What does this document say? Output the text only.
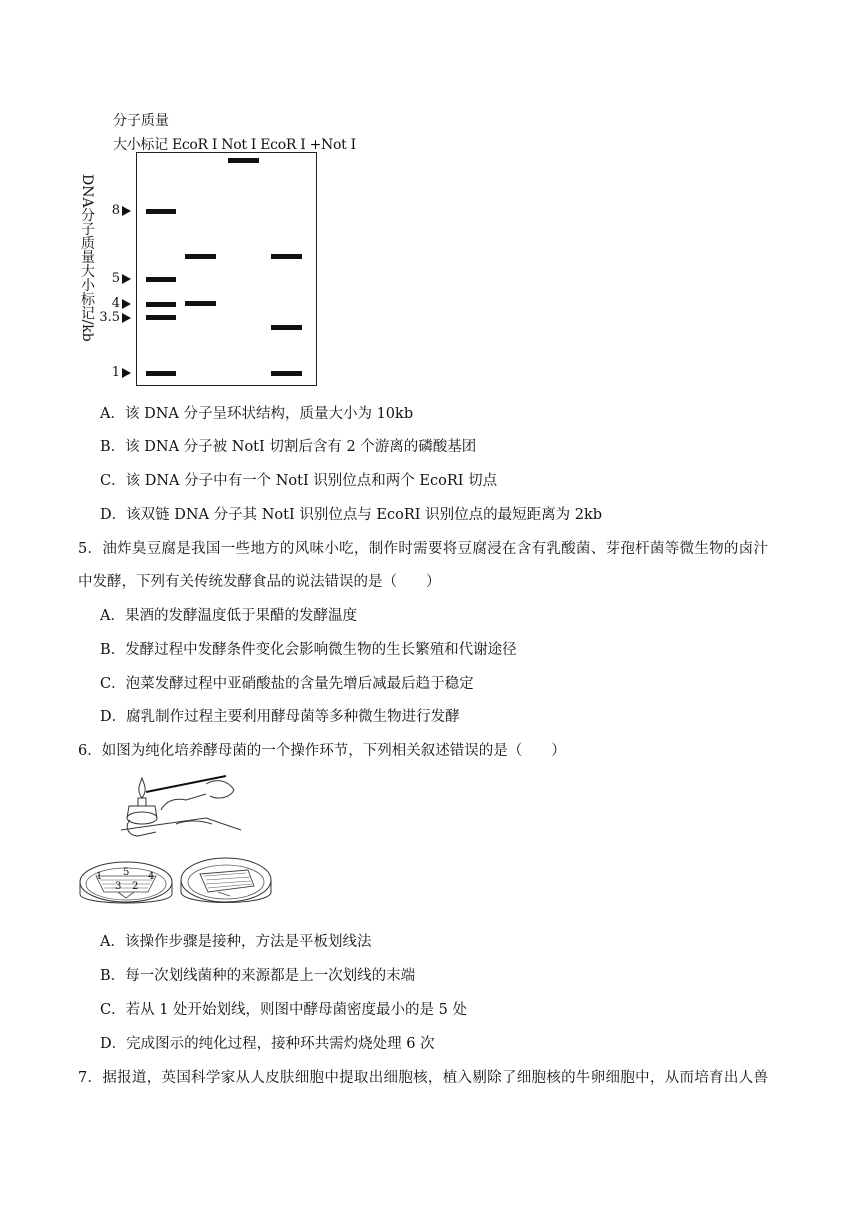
分子质量
大小标记 EcoR Ⅰ Not Ⅰ EcoR Ⅰ +Not Ⅰ
DNA分子质量大小标记/kb	8
5
4
3.5
1
A．该 DNA 分子呈环状结构，质量大小为 10kb
B．该 DNA 分子被 NotI 切割后含有 2 个游离的磷酸基团
C．该 DNA 分子中有一个 NotI 识别位点和两个 EcoRI 切点
D．该双链 DNA 分子其 NotI 识别位点与 EcoRI 识别位点的最短距离为 2kb
5．油炸臭豆腐是我国一些地方的风味小吃，制作时需要将豆腐浸在含有乳酸菌、芽孢杆菌等微生物的卤汁
中发酵，下列有关传统发酵食品的说法错误的是（　　）
A．果酒的发酵温度低于果醋的发酵温度
B．发酵过程中发酵条件变化会影响微生物的生长繁殖和代谢途径
C．泡菜发酵过程中亚硝酸盐的含量先增后减最后趋于稳定
D．腐乳制作过程主要利用酵母菌等多种微生物进行发酵
6．如图为纯化培养酵母菌的一个操作环节，下列相关叙述错误的是（　　）
1 5 4
3 2
A．该操作步骤是接种，方法是平板划线法
B．每一次划线菌种的来源都是上一次划线的末端
C．若从 1 处开始划线，则图中酵母菌密度最小的是 5 处
D．完成图示的纯化过程，接种环共需灼烧处理 6 次
7．据报道，英国科学家从人皮肤细胞中提取出细胞核，植入剔除了细胞核的牛卵细胞中，从而培育出人兽
